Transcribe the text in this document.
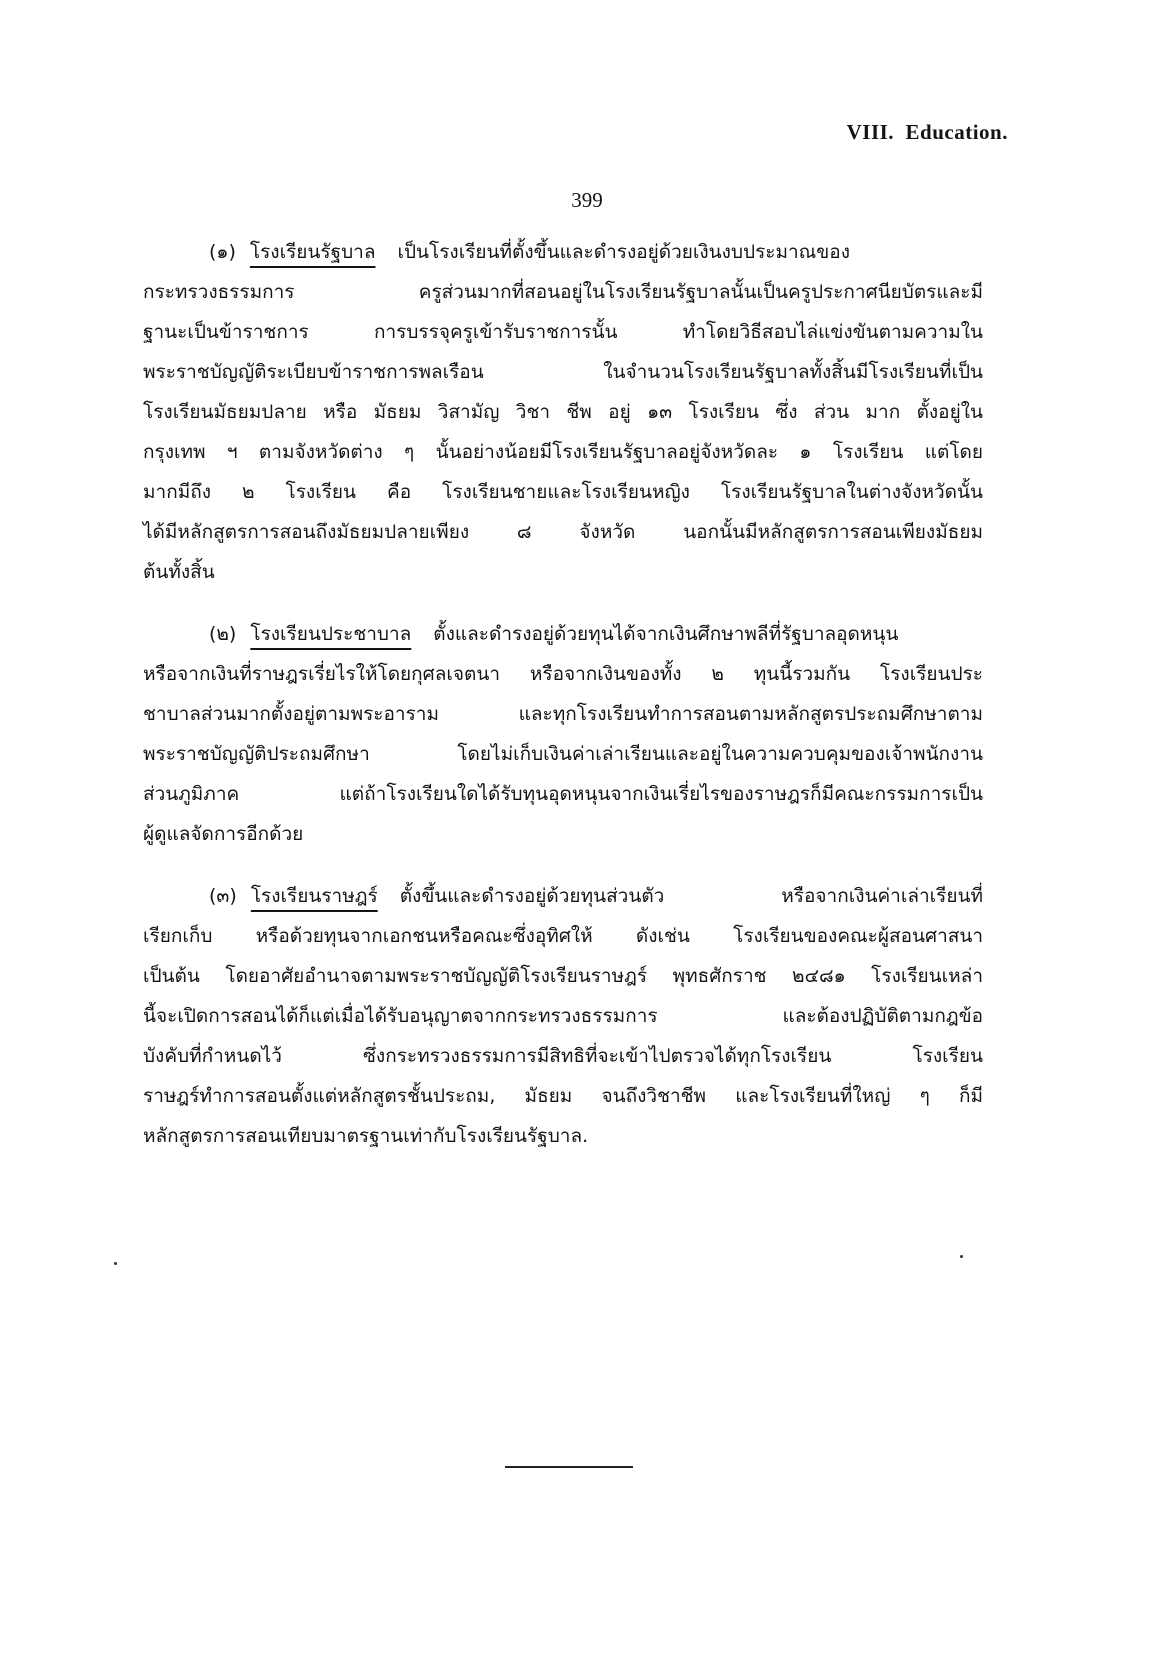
VIII.  Education.
399
(๑) โรงเรียนรัฐบาล เป็นโรงเรียนที่ตั้งขึ้นและดำรงอยู่ด้วยเงินงบประมาณของ
กระทรวงธรรมการ ครูส่วนมากที่สอนอยู่ในโรงเรียนรัฐบาลนั้นเป็นครูประกาศนียบัตรและมี
ฐานะเป็นข้าราชการ การบรรจุครูเข้ารับราชการนั้น ทำโดยวิธีสอบไล่แข่งขันตามความใน
พระราชบัญญัติระเบียบข้าราชการพลเรือน ในจำนวนโรงเรียนรัฐบาลทั้งสิ้นมีโรงเรียนที่เป็น
โรงเรียนมัธยมปลาย หรือ มัธยม วิสามัญ วิชา ชีพ อยู่ ๑๓ โรงเรียน ซึ่ง ส่วน มาก ตั้งอยู่ใน
กรุงเทพ ฯ ตามจังหวัดต่าง ๆ นั้นอย่างน้อยมีโรงเรียนรัฐบาลอยู่จังหวัดละ ๑ โรงเรียน แต่โดย
มากมีถึง ๒ โรงเรียน คือ โรงเรียนชายและโรงเรียนหญิง โรงเรียนรัฐบาลในต่างจังหวัดนั้น
ได้มีหลักสูตรการสอนถึงมัธยมปลายเพียง ๘ จังหวัด นอกนั้นมีหลักสูตรการสอนเพียงมัธยม
ต้นทั้งสิ้น
(๒) โรงเรียนประชาบาล ตั้งและดำรงอยู่ด้วยทุนได้จากเงินศึกษาพลีที่รัฐบาลอุดหนุน
หรือจากเงินที่ราษฎรเรี่ยไรให้โดยกุศลเจตนา หรือจากเงินของทั้ง ๒ ทุนนี้รวมกัน โรงเรียนประ
ชาบาลส่วนมากตั้งอยู่ตามพระอาราม และทุกโรงเรียนทำการสอนตามหลักสูตรประถมศึกษาตาม
พระราชบัญญัติประถมศึกษา โดยไม่เก็บเงินค่าเล่าเรียนและอยู่ในความควบคุมของเจ้าพนักงาน
ส่วนภูมิภาค แต่ถ้าโรงเรียนใดได้รับทุนอุดหนุนจากเงินเรี่ยไรของราษฎรก็มีคณะกรรมการเป็น
ผู้ดูแลจัดการอีกด้วย
(๓) โรงเรียนราษฎร์ ตั้งขึ้นและดำรงอยู่ด้วยทุนส่วนตัว หรือจากเงินค่าเล่าเรียนที่
เรียกเก็บ หรือด้วยทุนจากเอกชนหรือคณะซึ่งอุทิศให้ ดังเช่น โรงเรียนของคณะผู้สอนศาสนา
เป็นต้น โดยอาศัยอำนาจตามพระราชบัญญัติโรงเรียนราษฎร์ พุทธศักราช ๒๔๘๑ โรงเรียนเหล่า
นี้จะเปิดการสอนได้ก็แต่เมื่อได้รับอนุญาตจากกระทรวงธรรมการ และต้องปฏิบัติตามกฎข้อ
บังคับที่กำหนดไว้ ซึ่งกระทรวงธรรมการมีสิทธิที่จะเข้าไปตรวจได้ทุกโรงเรียน โรงเรียน
ราษฎร์ทำการสอนตั้งแต่หลักสูตรชั้นประถม, มัธยม จนถึงวิชาชีพ และโรงเรียนที่ใหญ่ ๆ ก็มี
หลักสูตรการสอนเทียบมาตรฐานเท่ากับโรงเรียนรัฐบาล.
